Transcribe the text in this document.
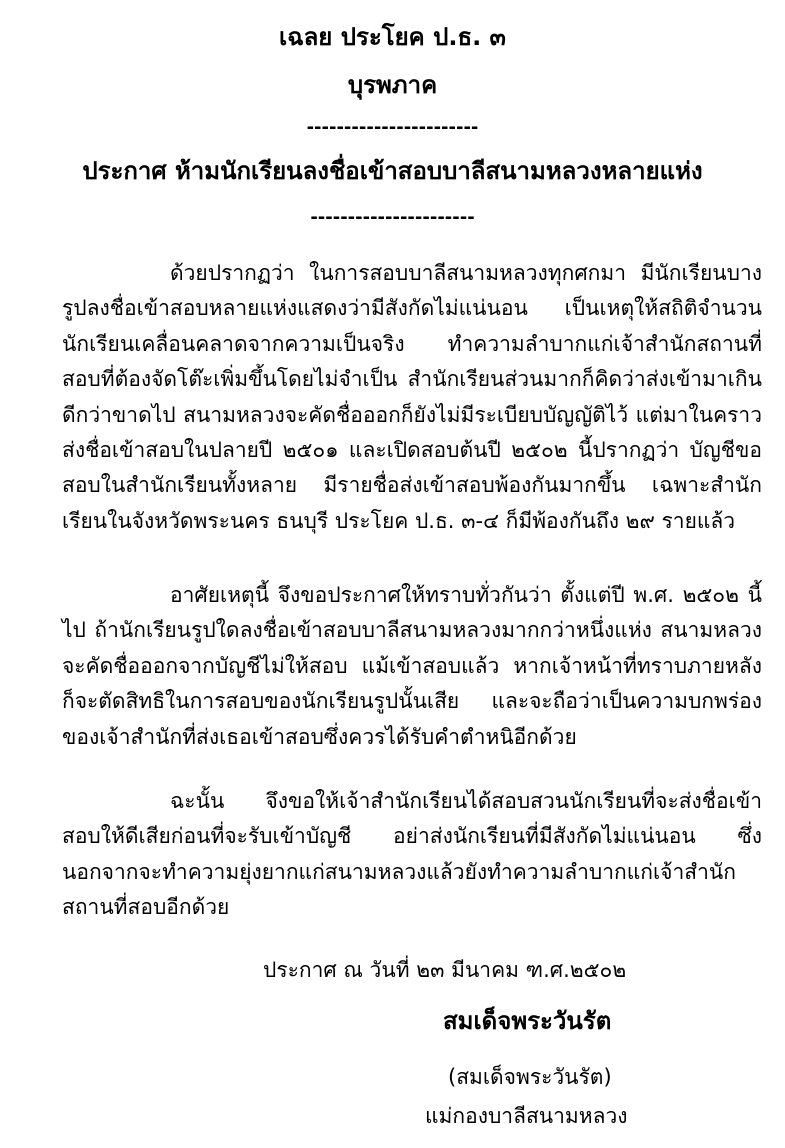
เฉลย ประโยค ป.ธ. ๓
บุรพภาค
-----------------------
ประกาศ ห้ามนักเรียนลงชื่อเข้าสอบบาลีสนามหลวงหลายแห่ง
----------------------

ด้วยปรากฏว่า ในการสอบบาลีสนามหลวงทุกศกมา มีนักเรียนบางรูปลงชื่อเข้าสอบหลายแห่งแสดงว่ามีสังกัดไม่แน่นอน เป็นเหตุให้สถิติจำนวนนักเรียนเคลื่อนคลาดจากความเป็นจริง ทำความลำบากแก่เจ้าสำนักสถานที่สอบที่ต้องจัดโต๊ะเพิ่มขึ้นโดยไม่จำเป็น สำนักเรียนส่วนมากก็คิดว่าส่งเข้ามาเกินดีกว่าขาดไป สนามหลวงจะคัดชื่อออกก็ยังไม่มีระเบียบบัญญัติไว้ แต่มาในคราวส่งชื่อเข้าสอบในปลายปี ๒๕๐๑ และเปิดสอบต้นปี ๒๕๐๒ นี้ปรากฏว่า บัญชีขอสอบในสำนักเรียนทั้งหลาย มีรายชื่อส่งเข้าสอบพ้องกันมากขึ้น เฉพาะสำนักเรียนในจังหวัดพระนคร ธนบุรี ประโยค ป.ธ. ๓-๔ ก็มีพ้องกันถึง ๒๙ รายแล้ว

อาศัยเหตุนี้ จึงขอประกาศให้ทราบทั่วกันว่า ตั้งแต่ปี พ.ศ. ๒๕๐๒ นี้ไป ถ้านักเรียนรูปใดลงชื่อเข้าสอบบาลีสนามหลวงมากกว่าหนึ่งแห่ง สนามหลวงจะคัดชื่อออกจากบัญชีไม่ให้สอบ แม้เข้าสอบแล้ว หากเจ้าหน้าที่ทราบภายหลัง ก็จะตัดสิทธิในการสอบของนักเรียนรูปนั้นเสีย และจะถือว่าเป็นความบกพร่องของเจ้าสำนักที่ส่งเธอเข้าสอบซึ่งควรได้รับคำตำหนิอีกด้วย

ฉะนั้น จึงขอให้เจ้าสำนักเรียนได้สอบสวนนักเรียนที่จะส่งชื่อเข้าสอบให้ดีเสียก่อนที่จะรับเข้าบัญชี อย่าส่งนักเรียนที่มีสังกัดไม่แน่นอน ซึ่งนอกจากจะทำความยุ่งยากแก่สนามหลวงแล้วยังทำความลำบากแก่เจ้าสำนักสถานที่สอบอีกด้วย

ประกาศ ณ วันที่ ๒๓ มีนาคม ฑ.ศ.๒๕๐๒
สมเด็จพระวันรัต
(สมเด็จพระวันรัต)
แม่กองบาลีสนามหลวง
